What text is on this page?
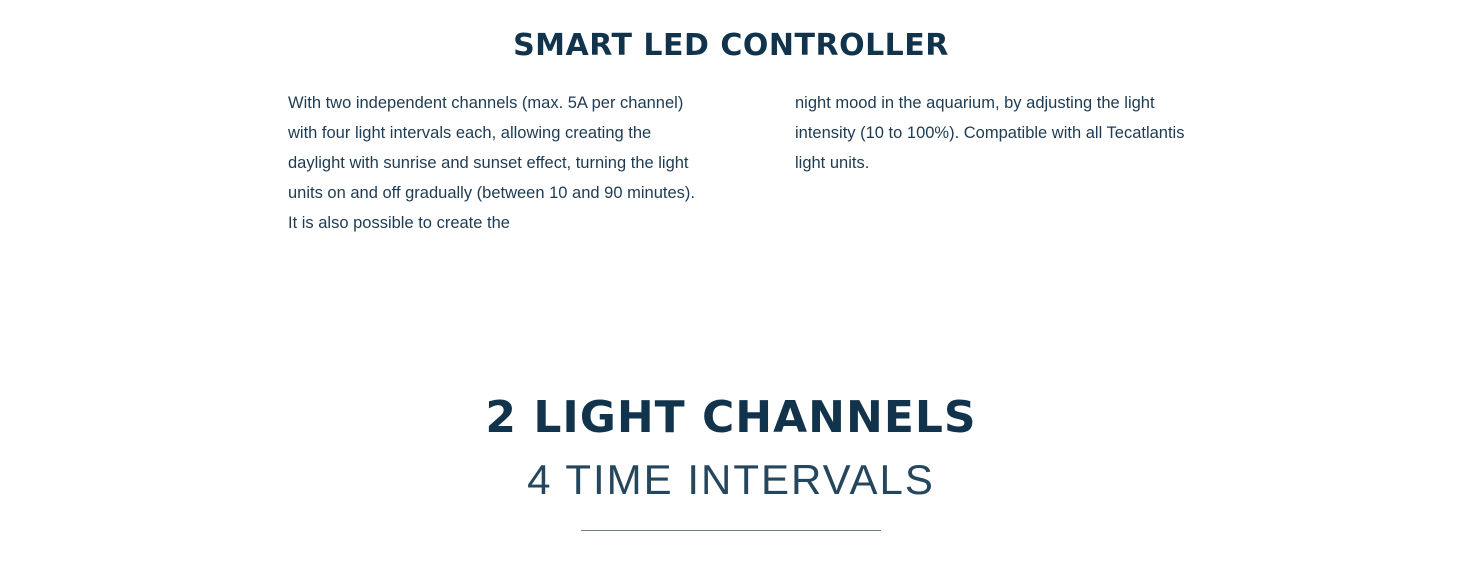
SMART LED CONTROLLER

With two independent channels (max. 5A per channel) with four light intervals each, allowing creating the daylight with sunrise and sunset effect, turning the light units on and off gradually (between 10 and 90 minutes). It is also possible to create the

night mood in the aquarium, by adjusting the light intensity (10 to 100%). Compatible with all Tecatlantis light units.

2 LIGHT CHANNELS
4 TIME INTERVALS
